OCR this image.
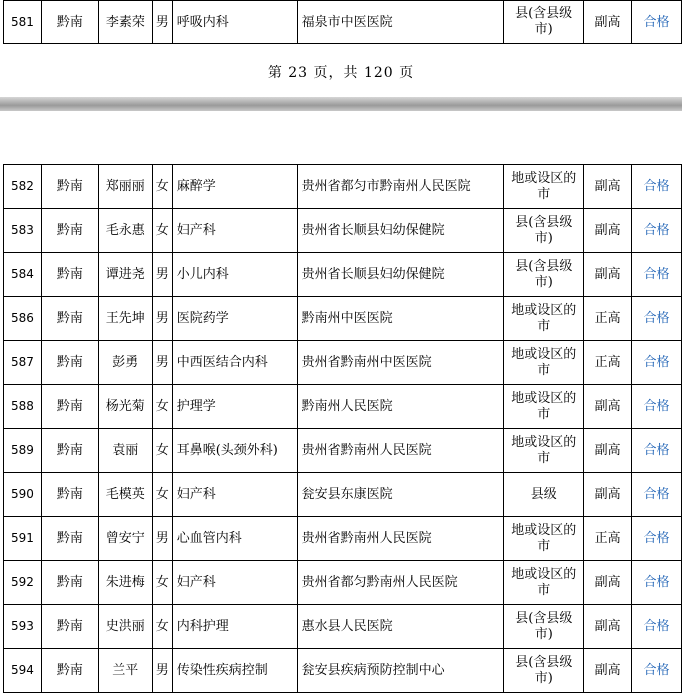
581	黔南	李素荣	男	呼吸内科	福泉市中医医院	县(含县级市)	副高	合格
第 23 页，共 120 页
582	黔南	郑丽丽	女	麻醉学	贵州省都匀市黔南州人民医院	地或设区的市	副高	合格
583	黔南	毛永惠	女	妇产科	贵州省长顺县妇幼保健院	县(含县级市)	副高	合格
584	黔南	谭进尧	男	小儿内科	贵州省长顺县妇幼保健院	县(含县级市)	副高	合格
586	黔南	王先坤	男	医院药学	黔南州中医医院	地或设区的市	正高	合格
587	黔南	彭勇	男	中西医结合内科	贵州省黔南州中医医院	地或设区的市	正高	合格
588	黔南	杨光菊	女	护理学	黔南州人民医院	地或设区的市	副高	合格
589	黔南	袁丽	女	耳鼻喉(头颈外科)	贵州省黔南州人民医院	地或设区的市	副高	合格
590	黔南	毛模英	女	妇产科	瓮安县东康医院	县级	副高	合格
591	黔南	曾安宁	男	心血管内科	贵州省黔南州人民医院	地或设区的市	正高	合格
592	黔南	朱进梅	女	妇产科	贵州省都匀黔南州人民医院	地或设区的市	副高	合格
593	黔南	史洪丽	女	内科护理	惠水县人民医院	县(含县级市)	副高	合格
594	黔南	兰平	男	传染性疾病控制	瓮安县疾病预防控制中心	县(含县级市)	副高	合格
